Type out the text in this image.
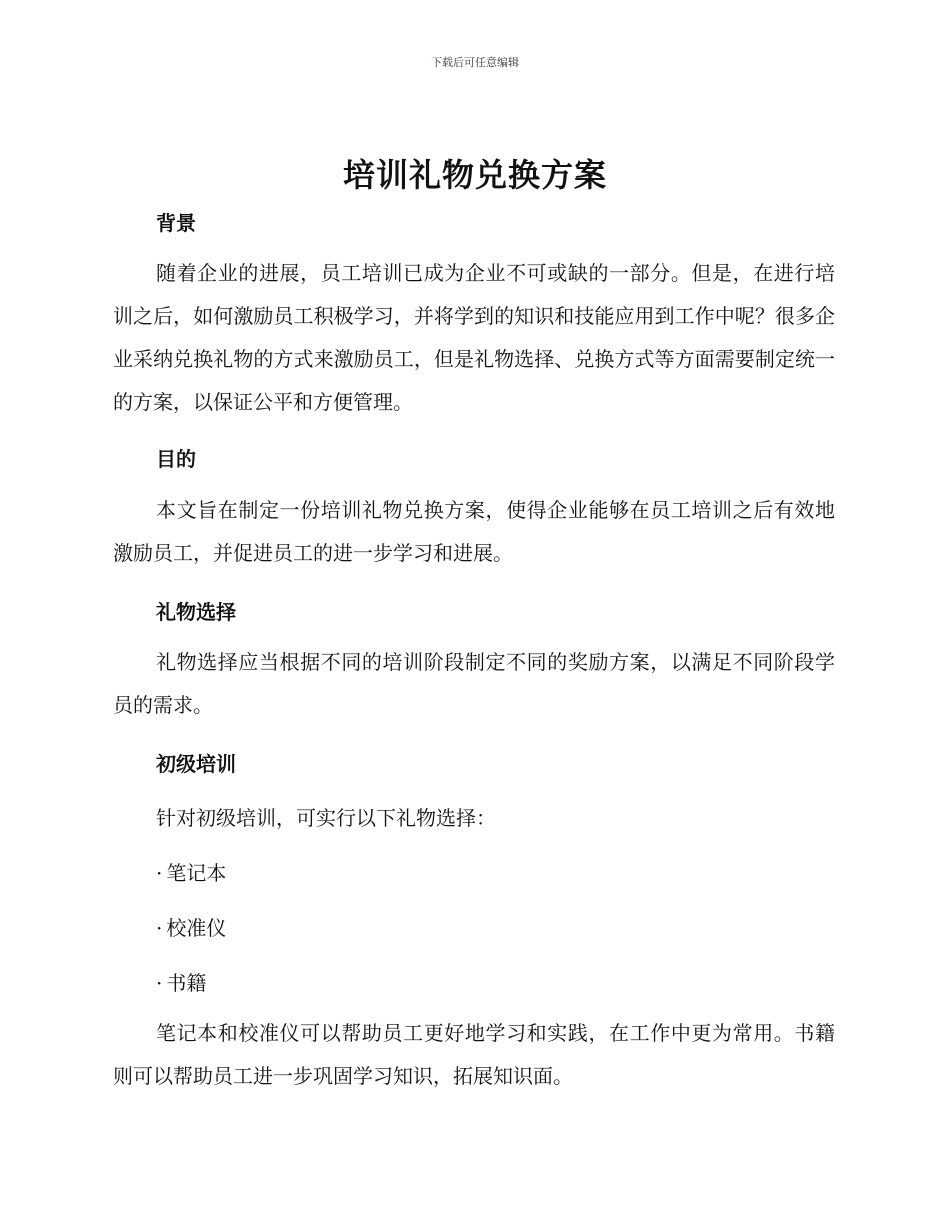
下载后可任意编辑
培训礼物兑换方案
背景
随着企业的进展，员工培训已成为企业不可或缺的一部分。但是，在进行培训之后，如何激励员工积极学习，并将学到的知识和技能应用到工作中呢？很多企业采纳兑换礼物的方式来激励员工，但是礼物选择、兑换方式等方面需要制定统一的方案，以保证公平和方便管理。
目的
本文旨在制定一份培训礼物兑换方案，使得企业能够在员工培训之后有效地激励员工，并促进员工的进一步学习和进展。
礼物选择
礼物选择应当根据不同的培训阶段制定不同的奖励方案，以满足不同阶段学员的需求。
初级培训
针对初级培训，可实行以下礼物选择：
· 笔记本
· 校准仪
· 书籍
笔记本和校准仪可以帮助员工更好地学习和实践，在工作中更为常用。书籍则可以帮助员工进一步巩固学习知识，拓展知识面。
